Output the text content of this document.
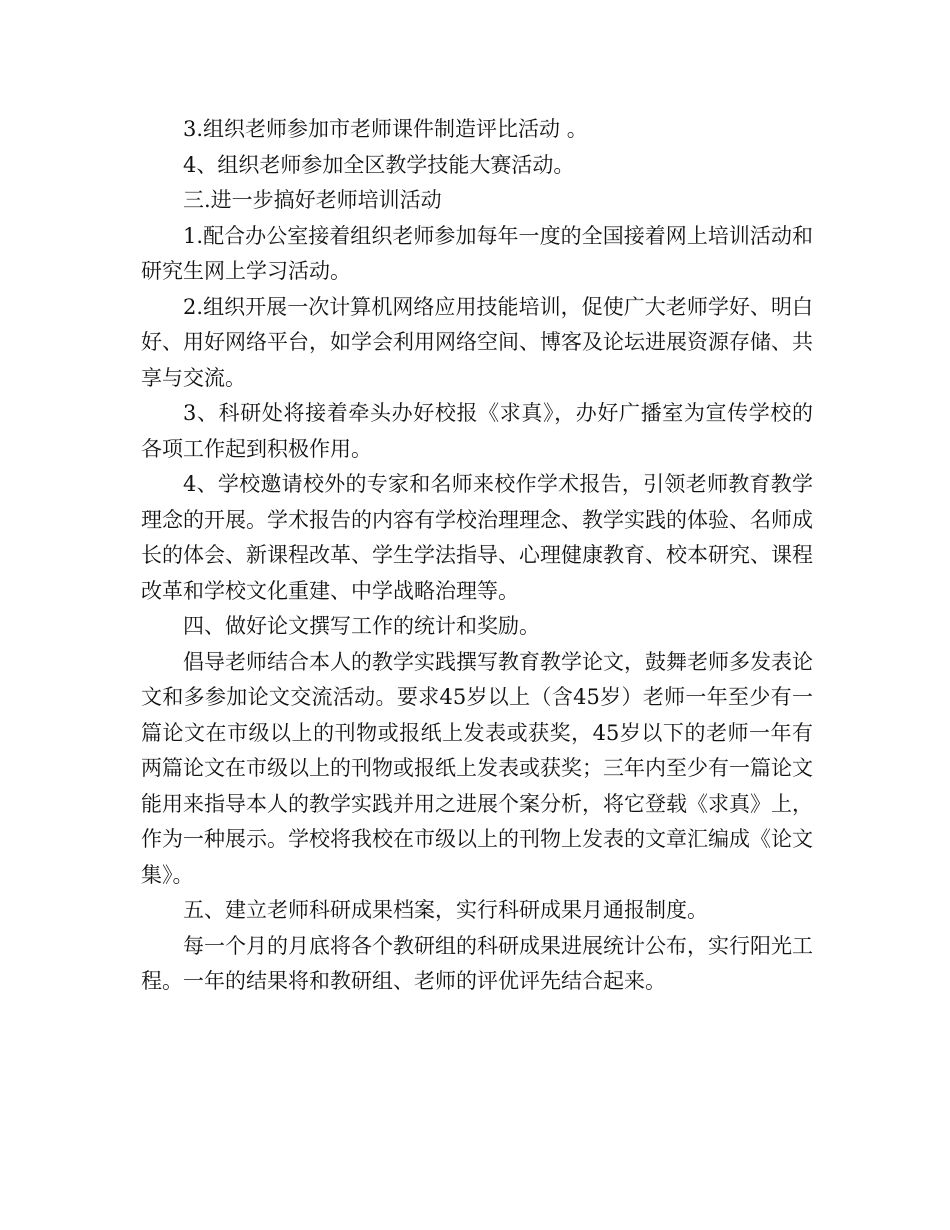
3.组织老师参加市老师课件制造评比活动 。

4、组织老师参加全区教学技能大赛活动。

三.进一步搞好老师培训活动

1.配合办公室接着组织老师参加每年一度的全国接着网上培训活动和研究生网上学习活动。

2.组织开展一次计算机网络应用技能培训，促使广大老师学好、明白好、用好网络平台，如学会利用网络空间、博客及论坛进展资源存储、共享与交流。

3、科研处将接着牵头办好校报《求真》，办好广播室为宣传学校的各项工作起到积极作用。

4、学校邀请校外的专家和名师来校作学术报告，引领老师教育教学理念的开展。学术报告的内容有学校治理理念、教学实践的体验、名师成长的体会、新课程改革、学生学法指导、心理健康教育、校本研究、课程改革和学校文化重建、中学战略治理等。

四、做好论文撰写工作的统计和奖励。

倡导老师结合本人的教学实践撰写教育教学论文，鼓舞老师多发表论文和多参加论文交流活动。要求45岁以上（含45岁）老师一年至少有一篇论文在市级以上的刊物或报纸上发表或获奖，45岁以下的老师一年有两篇论文在市级以上的刊物或报纸上发表或获奖；三年内至少有一篇论文能用来指导本人的教学实践并用之进展个案分析，将它登载《求真》上，作为一种展示。学校将我校在市级以上的刊物上发表的文章汇编成《论文集》。

五、建立老师科研成果档案，实行科研成果月通报制度。

每一个月的月底将各个教研组的科研成果进展统计公布，实行阳光工程。一年的结果将和教研组、老师的评优评先结合起来。
